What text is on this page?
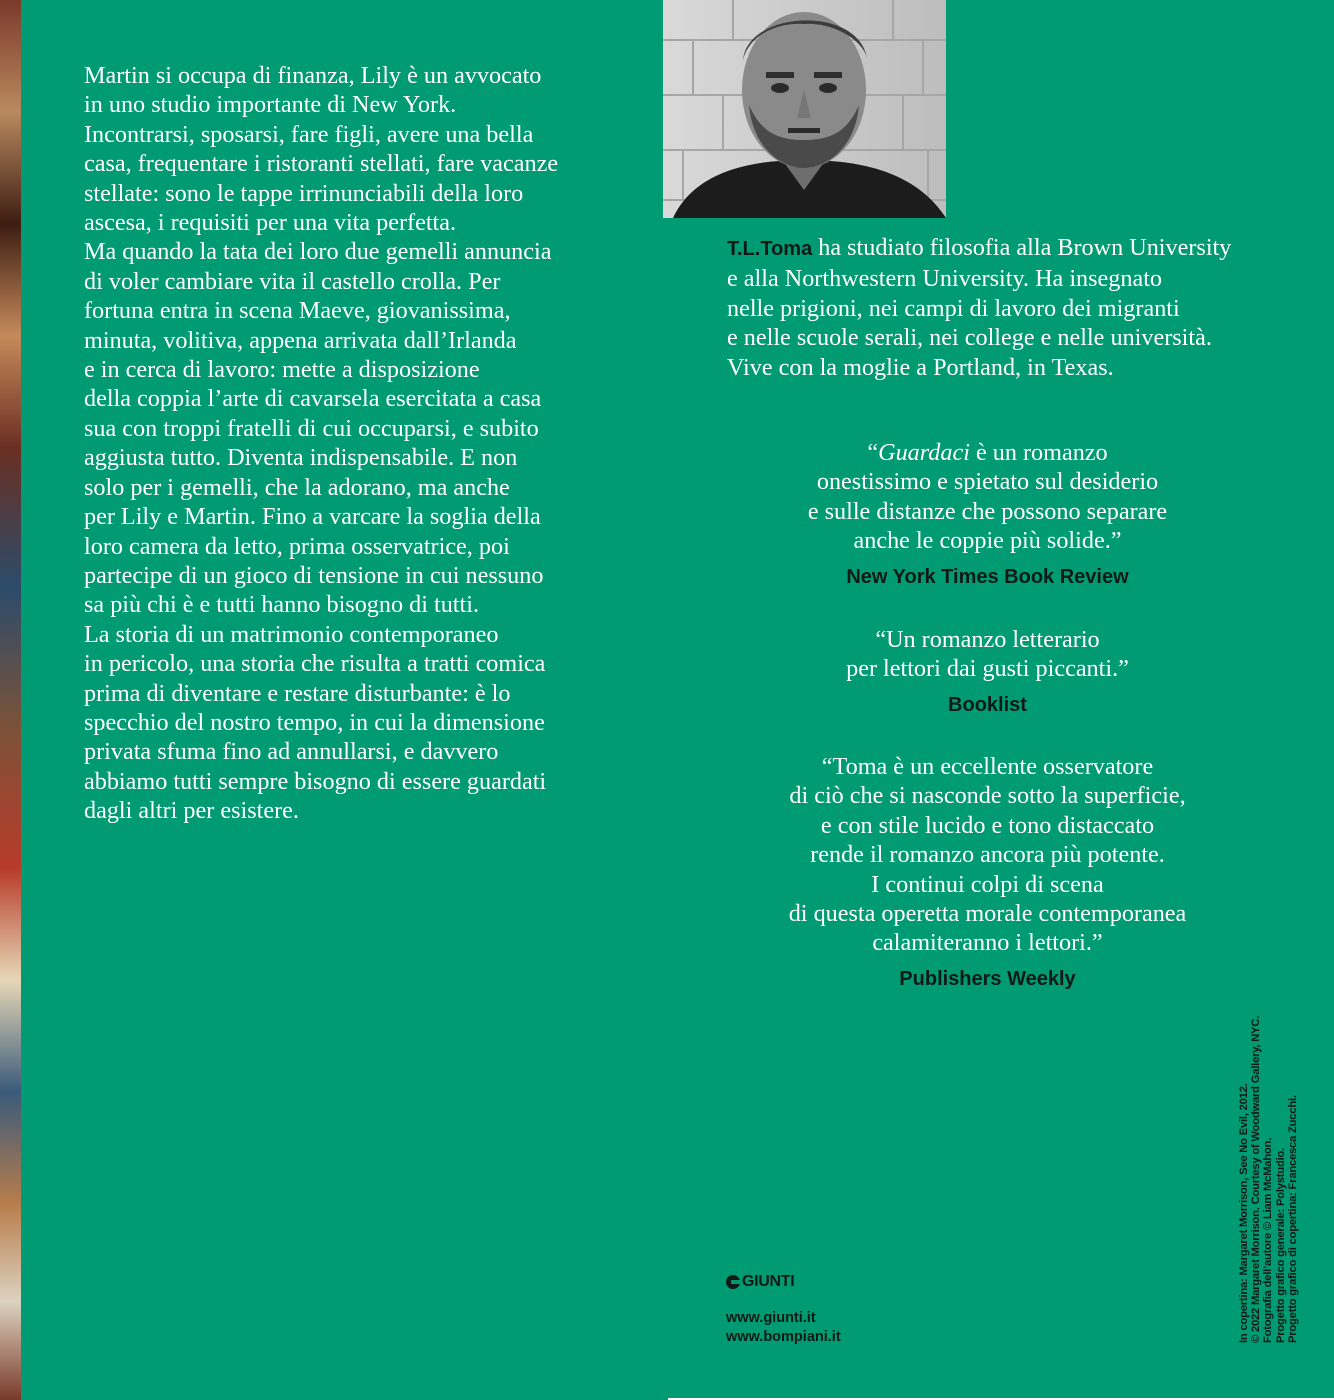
Martin si occupa di finanza, Lily è un avvocato
in uno studio importante di New York.
Incontrarsi, sposarsi, fare figli, avere una bella
casa, frequentare i ristoranti stellati, fare vacanze
stellate: sono le tappe irrinunciabili della loro
ascesa, i requisiti per una vita perfetta.

Ma quando la tata dei loro due gemelli annuncia
di voler cambiare vita il castello crolla. Per
fortuna entra in scena Maeve, giovanissima,
minuta, volitiva, appena arrivata dall’Irlanda
e in cerca di lavoro: mette a disposizione
della coppia l’arte di cavarsela esercitata a casa
sua con troppi fratelli di cui occuparsi, e subito
aggiusta tutto. Diventa indispensabile. E non
solo per i gemelli, che la adorano, ma anche
per Lily e Martin. Fino a varcare la soglia della
loro camera da letto, prima osservatrice, poi
partecipe di un gioco di tensione in cui nessuno
sa più chi è e tutti hanno bisogno di tutti.

La storia di un matrimonio contemporaneo
in pericolo, una storia che risulta a tratti comica
prima di diventare e restare disturbante: è lo
specchio del nostro tempo, in cui la dimensione
privata sfuma fino ad annullarsi, e davvero
abbiamo tutti sempre bisogno di essere guardati
dagli altri per esistere.

T.L.Toma ha studiato filosofia alla Brown University
e alla Northwestern University. Ha insegnato
nelle prigioni, nei campi di lavoro dei migranti
e nelle scuole serali, nei college e nelle università.
Vive con la moglie a Portland, in Texas.

“Guardaci è un romanzo
onestissimo e spietato sul desiderio
e sulle distanze che possono separare
anche le coppie più solide.”

New York Times Book Review

“Un romanzo letterario
per lettori dai gusti piccanti.”

Booklist

“Toma è un eccellente osservatore
di ciò che si nasconde sotto la superficie,
e con stile lucido e tono distaccato
rende il romanzo ancora più potente.
I continui colpi di scena
di questa operetta morale contemporanea
calamiteranno i lettori.”

Publishers Weekly
GIUNTI
www.giunti.it
www.bompiani.it	In copertina: Margaret Morrison, See No Evil, 2012. © 2022 Margaret Morrison. Courtesy of Woodward Gallery, NYC. Fotografia dell’autore © Liam McMahon. Progetto grafico generale: Polystudio. Progetto grafico di copertina: Francesca Zucchi.
